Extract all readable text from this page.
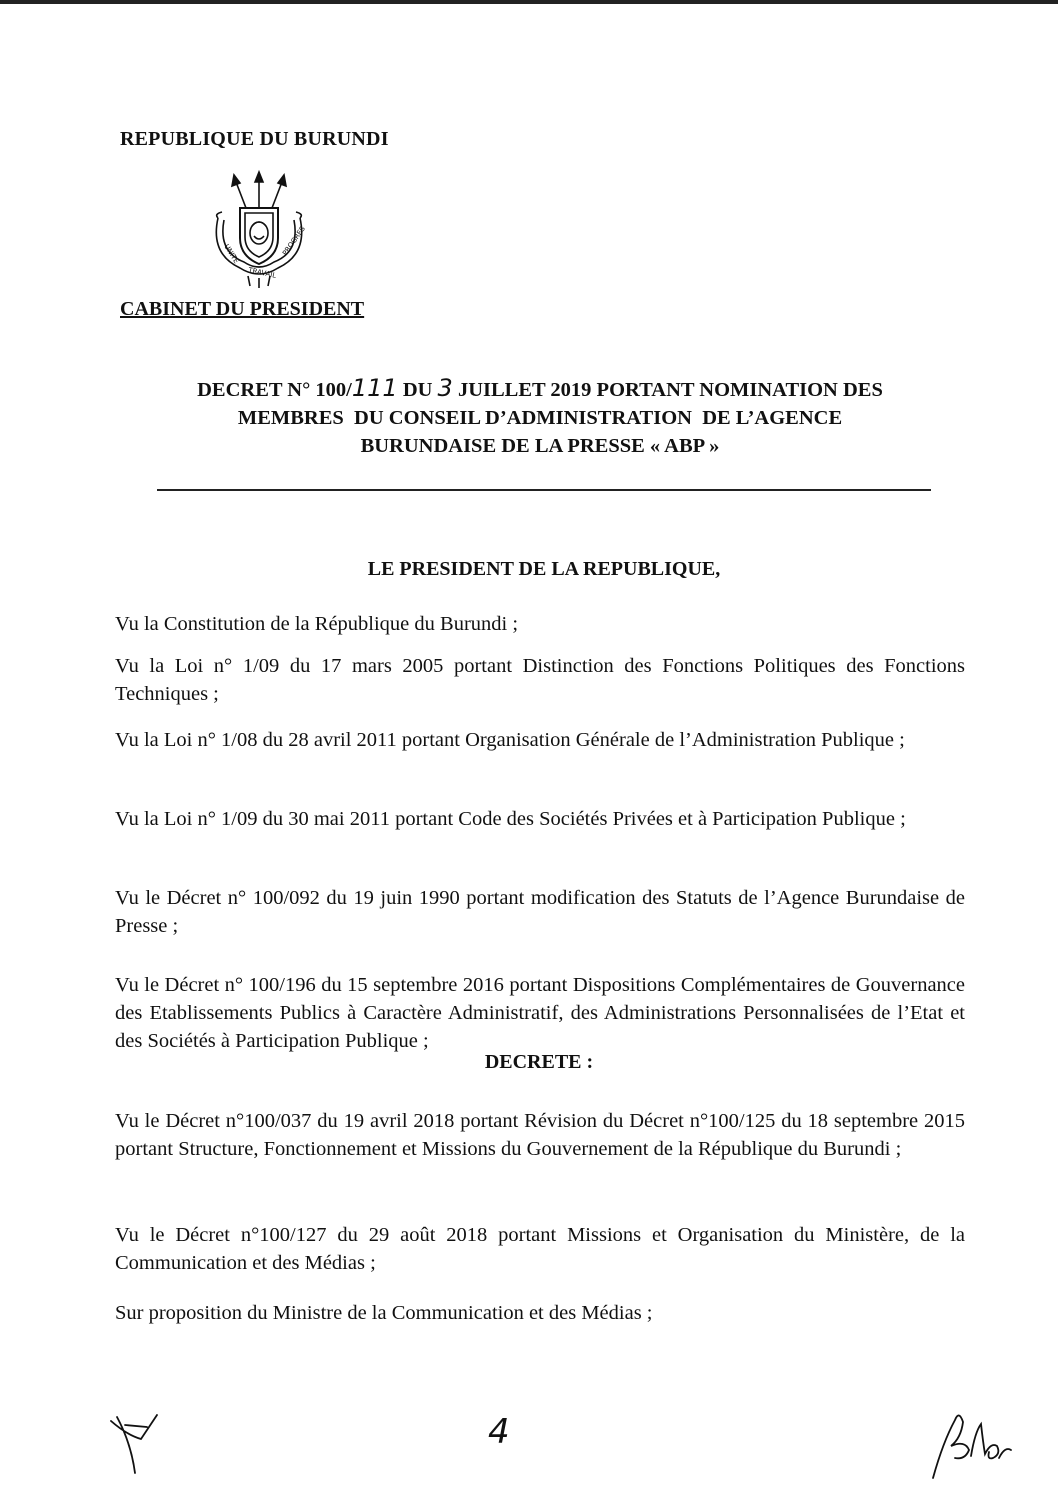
REPUBLIQUE DU BURUNDI
UNITE
TRAVAIL
PROGRES
CABINET DU PRESIDENT
DECRET N° 100/111 DU 3 JUILLET 2019 PORTANT NOMINATION DES
MEMBRES  DU CONSEIL D’ADMINISTRATION  DE L’AGENCE
BURUNDAISE DE LA PRESSE « ABP »
LE PRESIDENT DE LA REPUBLIQUE,

Vu la Constitution de la République du Burundi ;

Vu la Loi n° 1/09 du 17 mars 2005 portant Distinction des Fonctions Politiques des Fonctions Techniques ;

Vu la Loi n° 1/08 du 28 avril 2011 portant Organisation Générale de l’Administration Publique ;

Vu la Loi n° 1/09 du 30 mai 2011 portant Code des Sociétés Privées et à Participation Publique ;

Vu le Décret n° 100/092 du 19 juin 1990 portant modification des Statuts de l’Agence Burundaise de Presse ;

Vu le Décret n° 100/196 du 15 septembre 2016 portant Dispositions Complémentaires de Gouvernance des Etablissements Publics à Caractère Administratif, des Administrations Personnalisées de l’Etat et des Sociétés à Participation Publique ;

Vu le Décret n°100/037 du 19 avril 2018 portant Révision du Décret n°100/125 du 18 septembre 2015 portant Structure, Fonctionnement et Missions du Gouvernement de la République du Burundi ;

Vu le Décret n°100/127 du 29 août 2018 portant Missions et Organisation du Ministère, de la Communication et des Médias ;

Sur proposition du Ministre de la Communication et des Médias ;

DECRETE :
4
